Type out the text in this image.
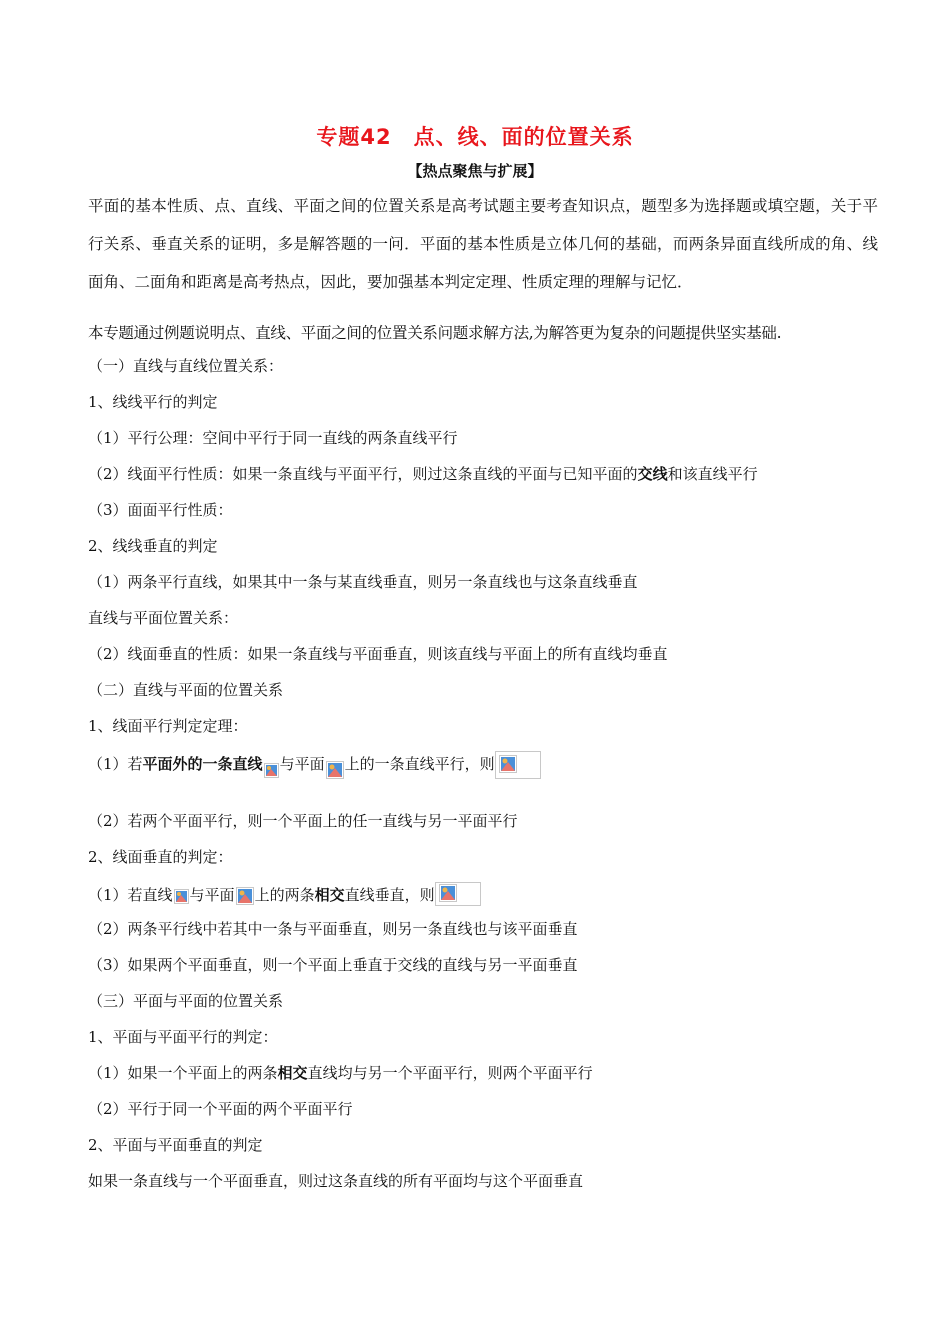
专题42　点、线、面的位置关系
【热点聚焦与扩展】
平面的基本性质、点、直线、平面之间的位置关系是高考试题主要考查知识点，题型多为选择题或填空题，关于平行关系、垂直关系的证明，多是解答题的一问．平面的基本性质是立体几何的基础，而两条异面直线所成的角、线面角、二面角和距离是高考热点，因此，要加强基本判定定理、性质定理的理解与记忆．
本专题通过例题说明点、直线、平面之间的位置关系问题求解方法,为解答更为复杂的问题提供坚实基础.
（一）直线与直线位置关系：
1、线线平行的判定
（1）平行公理：空间中平行于同一直线的两条直线平行
（2）线面平行性质：如果一条直线与平面平行，则过这条直线的平面与已知平面的交线和该直线平行
（3）面面平行性质：
2、线线垂直的判定
（1）两条平行直线，如果其中一条与某直线垂直，则另一条直线也与这条直线垂直
直线与平面位置关系：
（2）线面垂直的性质：如果一条直线与平面垂直，则该直线与平面上的所有直线均垂直
（二）直线与平面的位置关系
1、线面平行判定定理：
（1）若平面外的一条直线 与平面 上的一条直线平行，则
（2）若两个平面平行，则一个平面上的任一直线与另一平面平行
2、线面垂直的判定：
（1）若直线 与平面 上的两条相交直线垂直，则
（2）两条平行线中若其中一条与平面垂直，则另一条直线也与该平面垂直
（3）如果两个平面垂直，则一个平面上垂直于交线的直线与另一平面垂直
（三）平面与平面的位置关系
1、平面与平面平行的判定：
（1）如果一个平面上的两条相交直线均与另一个平面平行，则两个平面平行
（2）平行于同一个平面的两个平面平行
2、平面与平面垂直的判定
如果一条直线与一个平面垂直，则过这条直线的所有平面均与这个平面垂直
